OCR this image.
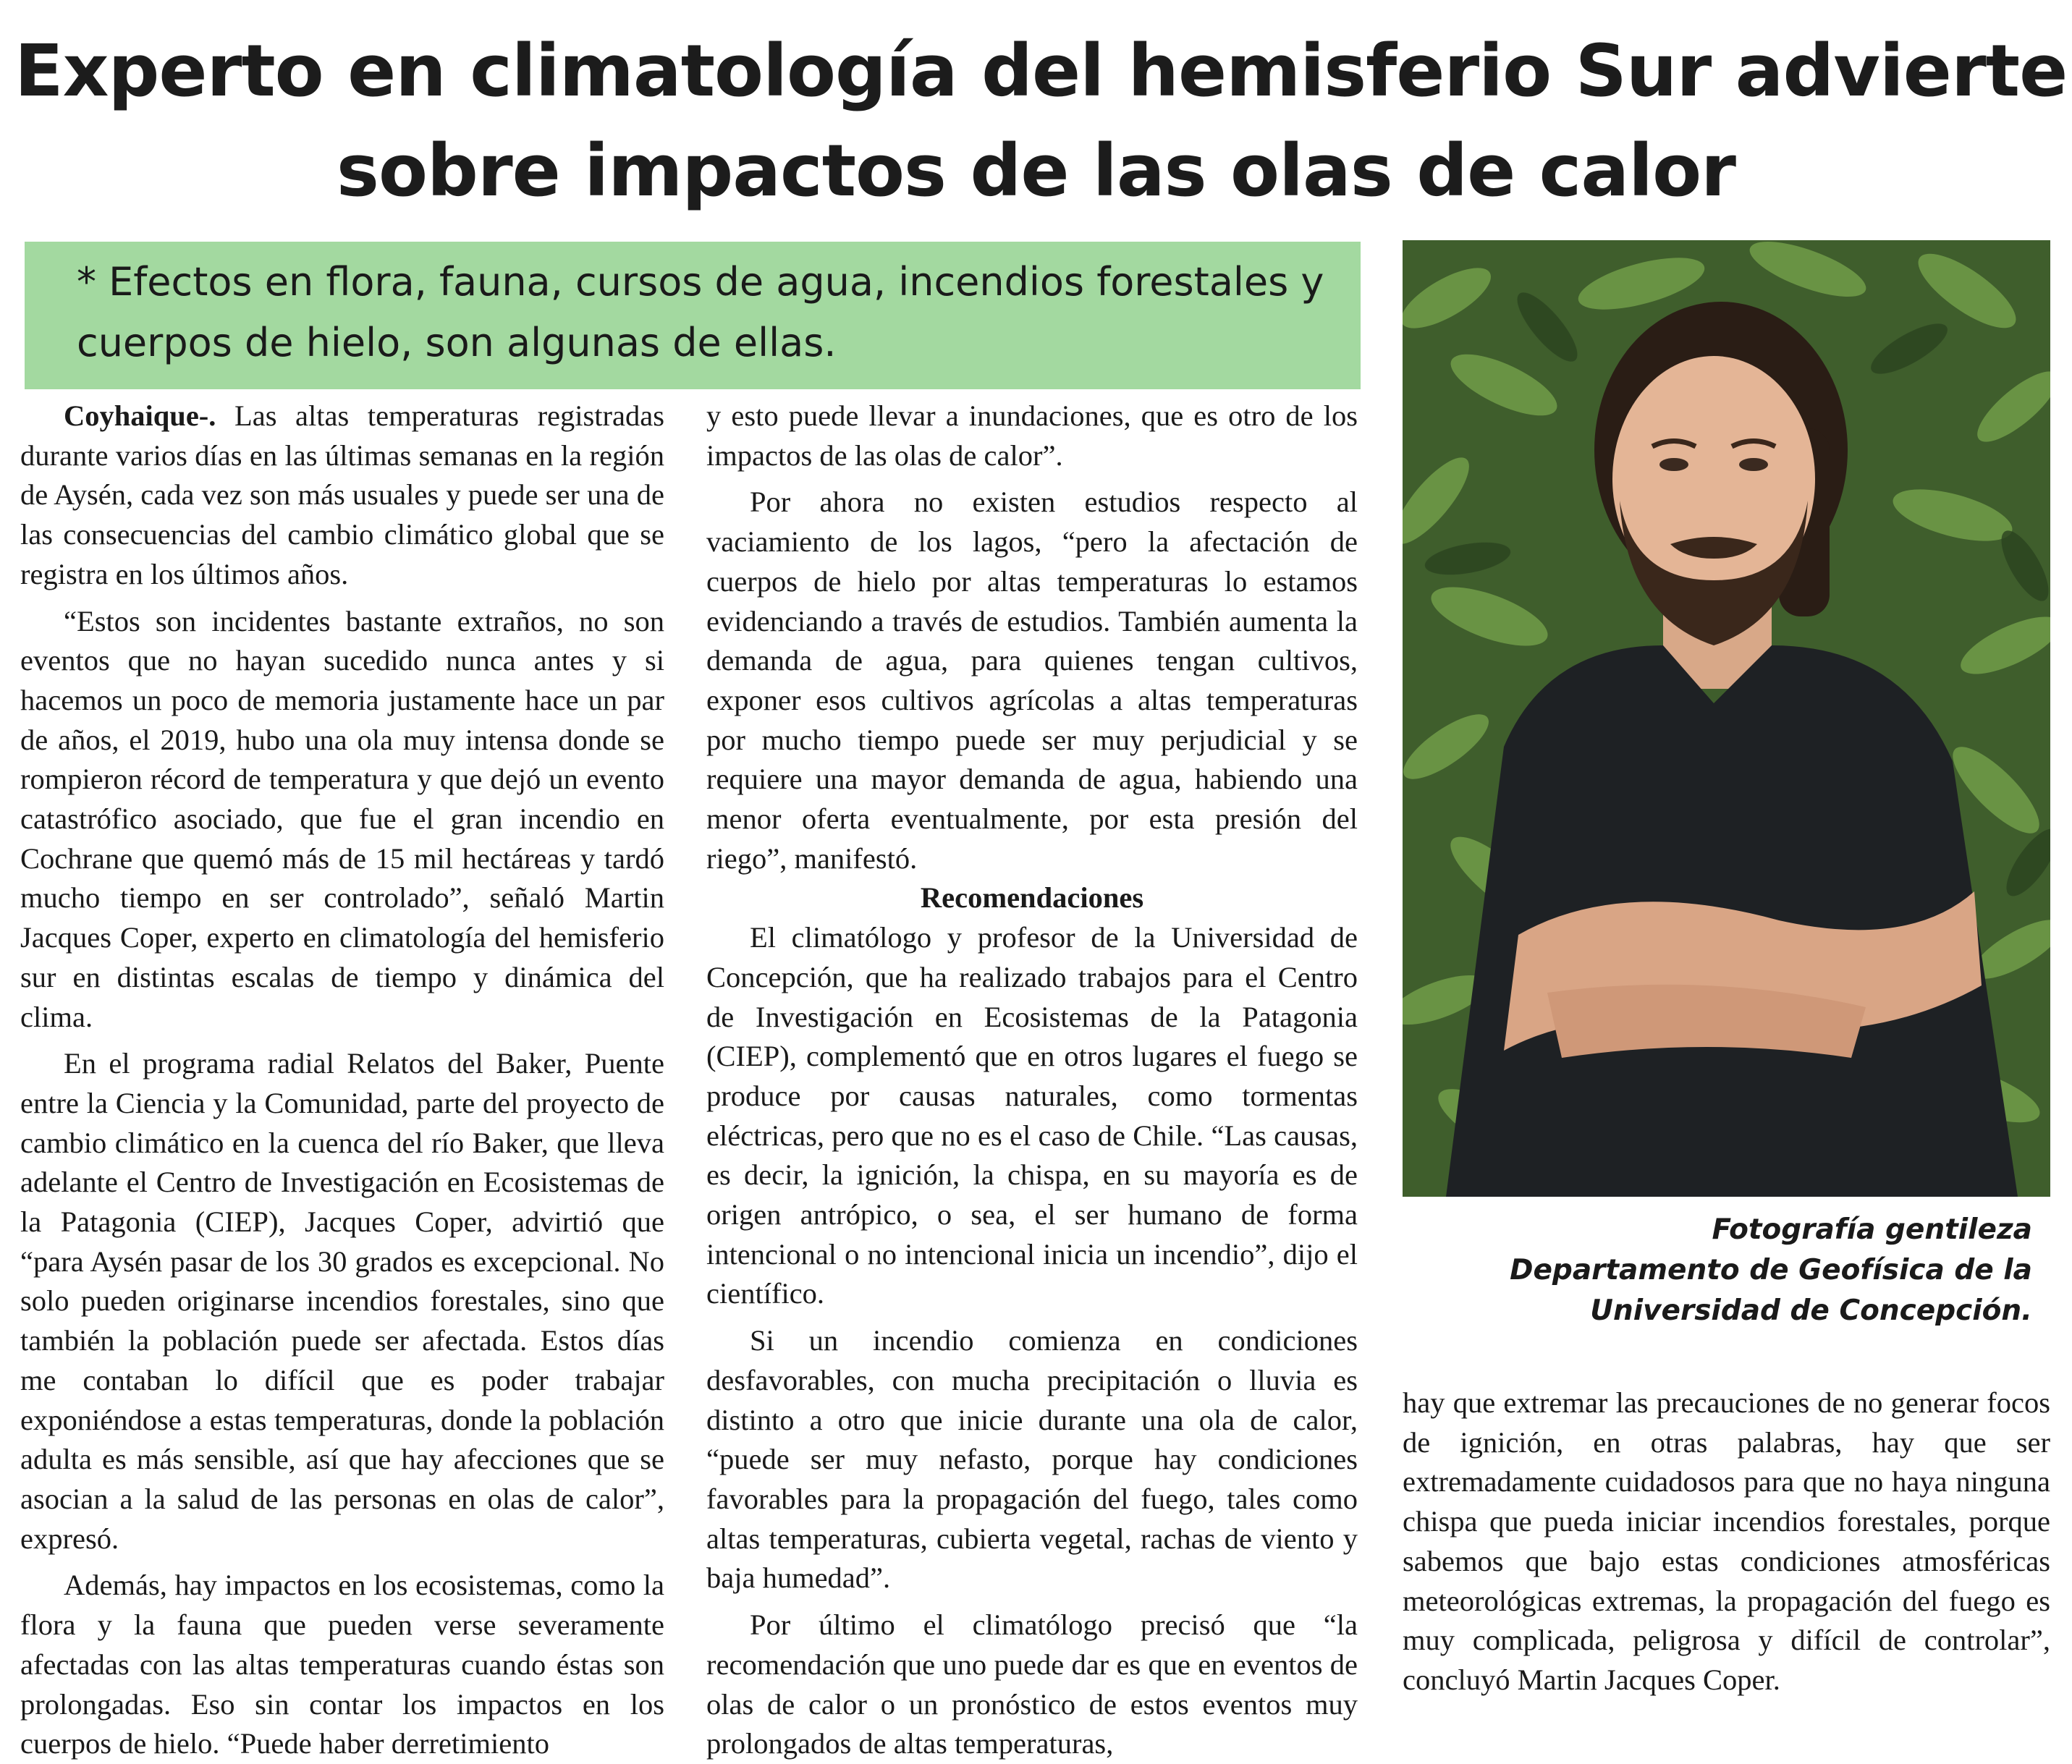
Experto en climatología del hemisferio Sur advierte
sobre impactos de las olas de calor
* Efectos en flora, fauna, cursos de agua, incendios forestales y cuerpos de hielo, son algunas de ellas.

Coyhaique-. Las altas temperaturas registradas durante varios días en las últimas semanas en la región de Aysén, cada vez son más usuales y puede ser una de las consecuencias del cambio climático global que se registra en los últimos años.

“Estos son incidentes bastante extraños, no son eventos que no hayan sucedido nunca antes y si hacemos un poco de memoria justamente hace un par de años, el 2019, hubo una ola muy intensa donde se rompieron récord de temperatura y que dejó un evento catastrófico asociado, que fue el gran incendio en Cochrane que quemó más de 15 mil hectáreas y tardó mucho tiempo en ser controlado”, señaló Martin Jacques Coper, experto en climatología del hemisferio sur en distintas escalas de tiempo y dinámica del clima.

En el programa radial Relatos del Baker, Puente entre la Ciencia y la Comunidad, parte del proyecto de cambio climático en la cuenca del río Baker, que lleva adelante el Centro de Investigación en Ecosistemas de la Patagonia (CIEP), Jacques Coper, advirtió que “para Aysén pasar de los 30 grados es excepcional. No solo pueden originarse incendios forestales, sino que también la población puede ser afectada. Estos días me contaban lo difícil que es poder trabajar exponiéndose a estas temperaturas, donde la población adulta es más sensible, así que hay afecciones que se asocian a la salud de las personas en olas de calor”, expresó.

Además, hay impactos en los ecosistemas, como la flora y la fauna que pueden verse severamente afectadas con las altas temperaturas cuando éstas son prolongadas. Eso sin contar los impactos en los cuerpos de hielo. “Puede haber derretimiento

y esto puede llevar a inundaciones, que es otro de los impactos de las olas de calor”.

Por ahora no existen estudios respecto al vaciamiento de los lagos, “pero la afectación de cuerpos de hielo por altas temperaturas lo estamos evidenciando a través de estudios. También aumenta la demanda de agua, para quienes tengan cultivos, exponer esos cultivos agrícolas a altas temperaturas por mucho tiempo puede ser muy perjudicial y se requiere una mayor demanda de agua, habiendo una menor oferta eventualmente, por esta presión del riego”, manifestó.

Recomendaciones

El climatólogo y profesor de la Universidad de Concepción, que ha realizado trabajos para el Centro de Investigación en Ecosistemas de la Patagonia (CIEP), complementó que en otros lugares el fuego se produce por causas naturales, como tormentas eléctricas, pero que no es el caso de Chile. “Las causas, es decir, la ignición, la chispa, en su mayoría es de origen antrópico, o sea, el ser humano de forma intencional o no intencional inicia un incendio”, dijo el científico.

Si un incendio comienza en condiciones desfavorables, con mucha precipitación o lluvia es distinto a otro que inicie durante una ola de calor, “puede ser muy nefasto, porque hay condiciones favorables para la propagación del fuego, tales como altas temperaturas, cubierta vegetal, rachas de viento y baja humedad”.

Por último el climatólogo precisó que “la recomendación que uno puede dar es que en eventos de olas de calor o un pronóstico de estos eventos muy prolongados de altas temperaturas,

Fotografía gentileza
Departamento de Geofísica de la
Universidad de Concepción.

hay que extremar las precauciones de no generar focos de ignición, en otras palabras, hay que ser extremadamente cuidadosos para que no haya ninguna chispa que pueda iniciar incendios forestales, porque sabemos que bajo estas condiciones atmosféricas meteorológicas extremas, la propagación del fuego es muy complicada, peligrosa y difícil de controlar”, concluyó Martin Jacques Coper.
